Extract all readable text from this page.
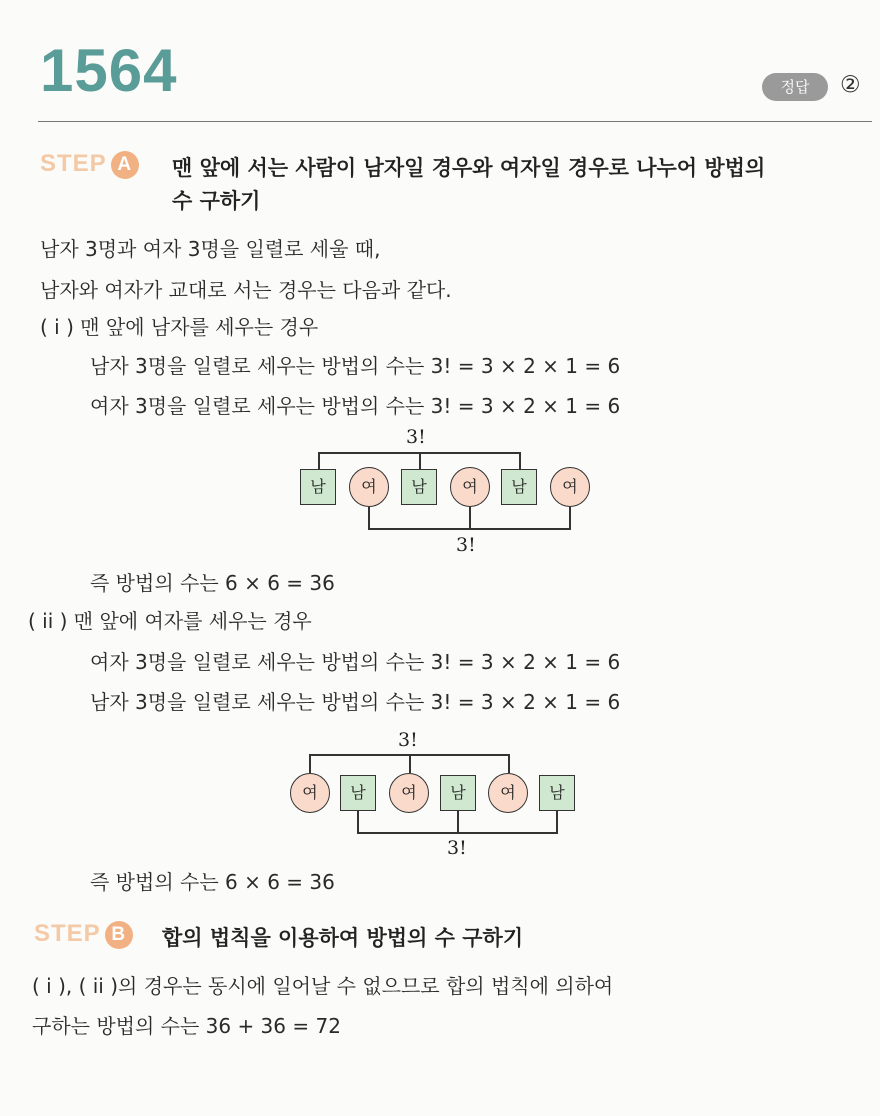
1564	정답	②
STEP A	맨 앞에 서는 사람이 남자일 경우와 여자일 경우로 나누어 방법의
수 구하기
남자 3명과 여자 3명을 일렬로 세울 때,
남자와 여자가 교대로 서는 경우는 다음과 같다.
( i ) 맨 앞에 남자를 세우는 경우
남자 3명을 일렬로 세우는 방법의 수는 3! = 3 × 2 × 1 = 6
여자 3명을 일렬로 세우는 방법의 수는 3! = 3 × 2 × 1 = 6
3!
남	여	남	여	남	여
3!
즉 방법의 수는 6 × 6 = 36
( ii ) 맨 앞에 여자를 세우는 경우
여자 3명을 일렬로 세우는 방법의 수는 3! = 3 × 2 × 1 = 6
남자 3명을 일렬로 세우는 방법의 수는 3! = 3 × 2 × 1 = 6
3!
여	남	여	남	여	남
3!
즉 방법의 수는 6 × 6 = 36
STEP B	합의 법칙을 이용하여 방법의 수 구하기
( i ), ( ii )의 경우는 동시에 일어날 수 없으므로 합의 법칙에 의하여
구하는 방법의 수는 36 + 36 = 72
